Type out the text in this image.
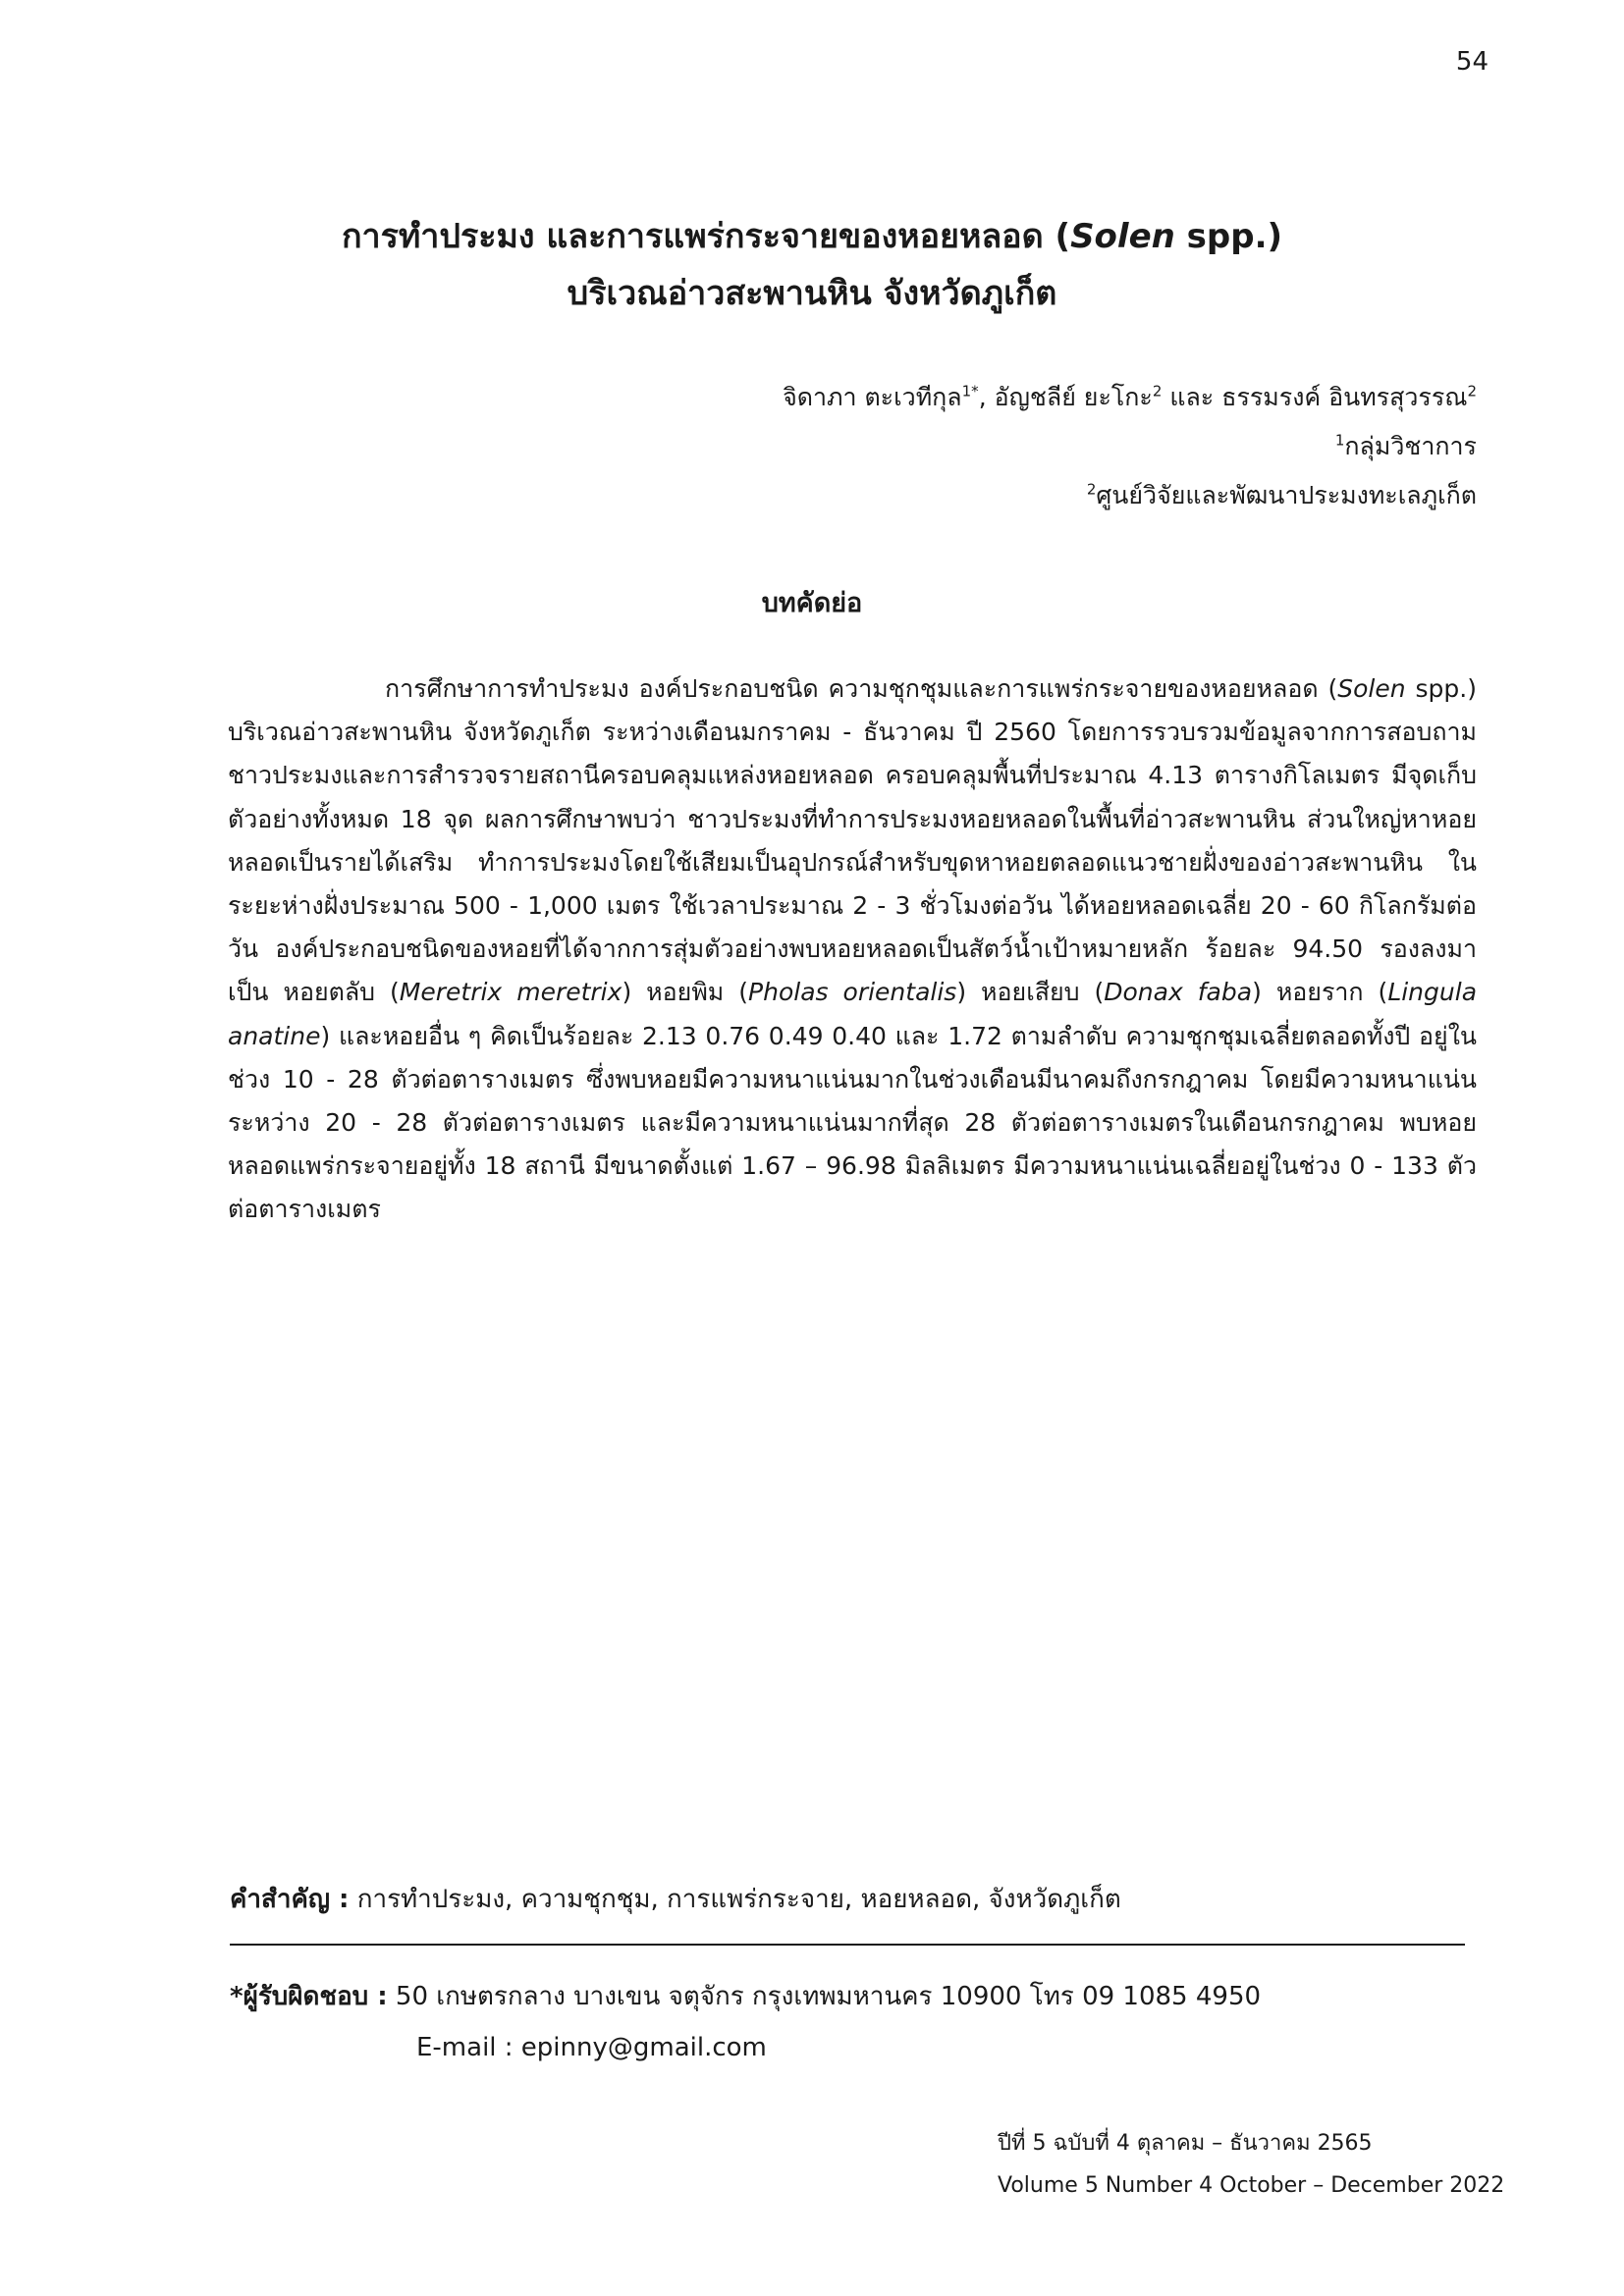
54
การทำประมง และการแพร่กระจายของหอยหลอด (Solen spp.)
บริเวณอ่าวสะพานหิน จังหวัดภูเก็ต
จิดาภา ตะเวทีกุล$^{1*}$, อัญชลีย์ ยะโกะ$^2$ และ ธรรมรงค์ อินทรสุวรรณ$^2$
$^1$กลุ่มวิชาการ
$^2$ศูนย์วิจัยและพัฒนาประมงทะเลภูเก็ต
บทคัดย่อ
การศึกษาการทำประมง องค์ประกอบชนิด ความชุกชุมและการแพร่กระจายของหอยหลอด (Solen spp.) บริเวณอ่าวสะพานหิน จังหวัดภูเก็ต ระหว่างเดือนมกราคม - ธันวาคม ปี 2560 โดยการรวบรวมข้อมูลจากการสอบถามชาวประมงและการสำรวจรายสถานีครอบคลุมแหล่งหอยหลอด ครอบคลุมพื้นที่ประมาณ 4.13 ตารางกิโลเมตร มีจุดเก็บตัวอย่างทั้งหมด 18 จุด ผลการศึกษาพบว่า ชาวประมงที่ทำการประมงหอยหลอดในพื้นที่อ่าวสะพานหิน ส่วนใหญ่หาหอยหลอดเป็นรายได้เสริม ทำการประมงโดยใช้เสียมเป็นอุปกรณ์สำหรับขุดหาหอยตลอดแนวชายฝั่งของอ่าวสะพานหิน ในระยะห่างฝั่งประมาณ 500 - 1,000 เมตร ใช้เวลาประมาณ 2 - 3 ชั่วโมงต่อวัน ได้หอยหลอดเฉลี่ย 20 - 60 กิโลกรัมต่อวัน องค์ประกอบชนิดของหอยที่ได้จากการสุ่มตัวอย่างพบหอยหลอดเป็นสัตว์น้ำเป้าหมายหลัก ร้อยละ 94.50 รองลงมาเป็น หอยตลับ (Meretrix meretrix) หอยพิม (Pholas orientalis) หอยเสียบ (Donax faba) หอยราก (Lingula anatine) และหอยอื่น ๆ คิดเป็นร้อยละ 2.13 0.76 0.49 0.40 และ 1.72 ตามลำดับ ความชุกชุมเฉลี่ยตลอดทั้งปี อยู่ในช่วง 10 - 28 ตัวต่อตารางเมตร ซึ่งพบหอยมีความหนาแน่นมากในช่วงเดือนมีนาคมถึงกรกฎาคม โดยมีความหนาแน่นระหว่าง 20 - 28 ตัวต่อตารางเมตร และมีความหนาแน่นมากที่สุด 28 ตัวต่อตารางเมตรในเดือนกรกฎาคม พบหอยหลอดแพร่กระจายอยู่ทั้ง 18 สถานี มีขนาดตั้งแต่ 1.67 – 96.98 มิลลิเมตร มีความหนาแน่นเฉลี่ยอยู่ในช่วง 0 - 133 ตัวต่อตารางเมตร
คำสำคัญ : การทำประมง, ความชุกชุม, การแพร่กระจาย, หอยหลอด, จังหวัดภูเก็ต
*ผู้รับผิดชอบ : 50 เกษตรกลาง บางเขน จตุจักร กรุงเทพมหานคร 10900 โทร 09 1085 4950
E-mail : epinny@gmail.com
ปีที่ 5 ฉบับที่ 4 ตุลาคม – ธันวาคม 2565
Volume 5 Number 4 October – December 2022
